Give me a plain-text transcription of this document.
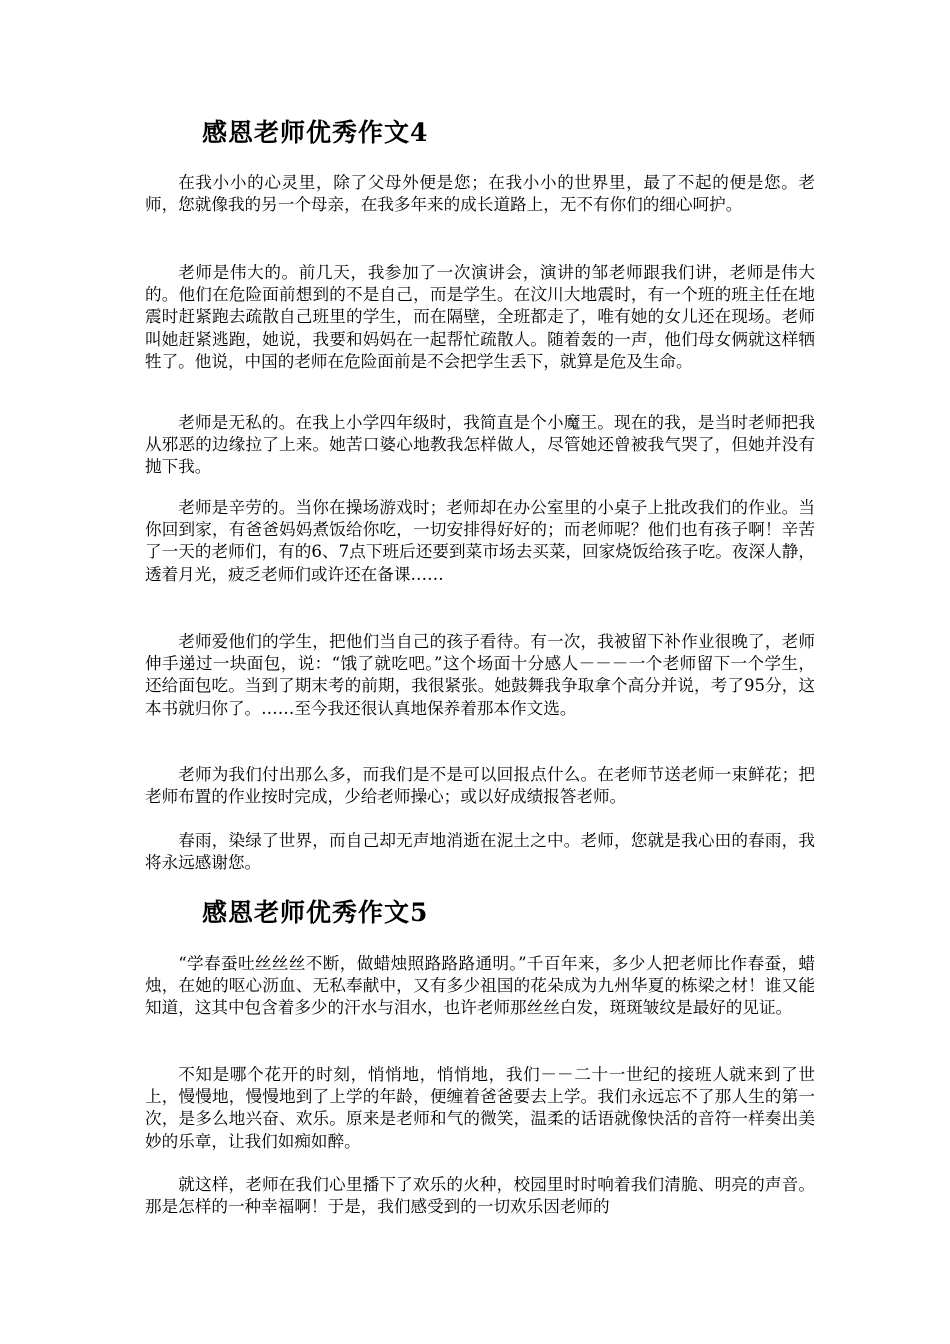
感恩老师优秀作文4

在我小小的心灵里，除了父母外便是您；在我小小的世界里，最了不起的便是您。老师，您就像我的另一个母亲，在我多年来的成长道路上，无不有你们的细心呵护。

老师是伟大的。前几天，我参加了一次演讲会，演讲的邹老师跟我们讲，老师是伟大的。他们在危险面前想到的不是自己，而是学生。在汶川大地震时，有一个班的班主任在地震时赶紧跑去疏散自己班里的学生，而在隔壁，全班都走了，唯有她的女儿还在现场。老师叫她赶紧逃跑，她说，我要和妈妈在一起帮忙疏散人。随着轰的一声，他们母女俩就这样牺牲了。他说，中国的老师在危险面前是不会把学生丢下，就算是危及生命。

老师是无私的。在我上小学四年级时，我简直是个小魔王。现在的我，是当时老师把我从邪恶的边缘拉了上来。她苦口婆心地教我怎样做人，尽管她还曾被我气哭了，但她并没有抛下我。

老师是辛劳的。当你在操场游戏时；老师却在办公室里的小桌子上批改我们的作业。当你回到家，有爸爸妈妈煮饭给你吃，一切安排得好好的；而老师呢？他们也有孩子啊！辛苦了一天的老师们，有的6、7点下班后还要到菜市场去买菜，回家烧饭给孩子吃。夜深人静，透着月光，疲乏老师们或许还在备课……

老师爱他们的学生，把他们当自己的孩子看待。有一次，我被留下补作业很晚了，老师伸手递过一块面包，说：“饿了就吃吧。”这个场面十分感人－－－一个老师留下一个学生，还给面包吃。当到了期末考的前期，我很紧张。她鼓舞我争取拿个高分并说，考了95分，这本书就归你了。……至今我还很认真地保养着那本作文选。

老师为我们付出那么多，而我们是不是可以回报点什么。在老师节送老师一束鲜花；把老师布置的作业按时完成，少给老师操心；或以好成绩报答老师。

春雨，染绿了世界，而自己却无声地消逝在泥土之中。老师，您就是我心田的春雨，我将永远感谢您。

感恩老师优秀作文5

“学春蚕吐丝丝丝不断，做蜡烛照路路路通明。”千百年来，多少人把老师比作春蚕，蜡烛，在她的呕心沥血、无私奉献中，又有多少祖国的花朵成为九州华夏的栋梁之材！谁又能知道，这其中包含着多少的汗水与泪水，也许老师那丝丝白发，斑斑皱纹是最好的见证。

不知是哪个花开的时刻，悄悄地，悄悄地，我们－－二十一世纪的接班人就来到了世上，慢慢地，慢慢地到了上学的年龄，便缠着爸爸要去上学。我们永远忘不了那人生的第一次，是多么地兴奋、欢乐。原来是老师和气的微笑，温柔的话语就像快活的音符一样奏出美妙的乐章，让我们如痴如醉。

就这样，老师在我们心里播下了欢乐的火种，校园里时时响着我们清脆、明亮的声音。那是怎样的一种幸福啊！于是，我们感受到的一切欢乐因老师的
